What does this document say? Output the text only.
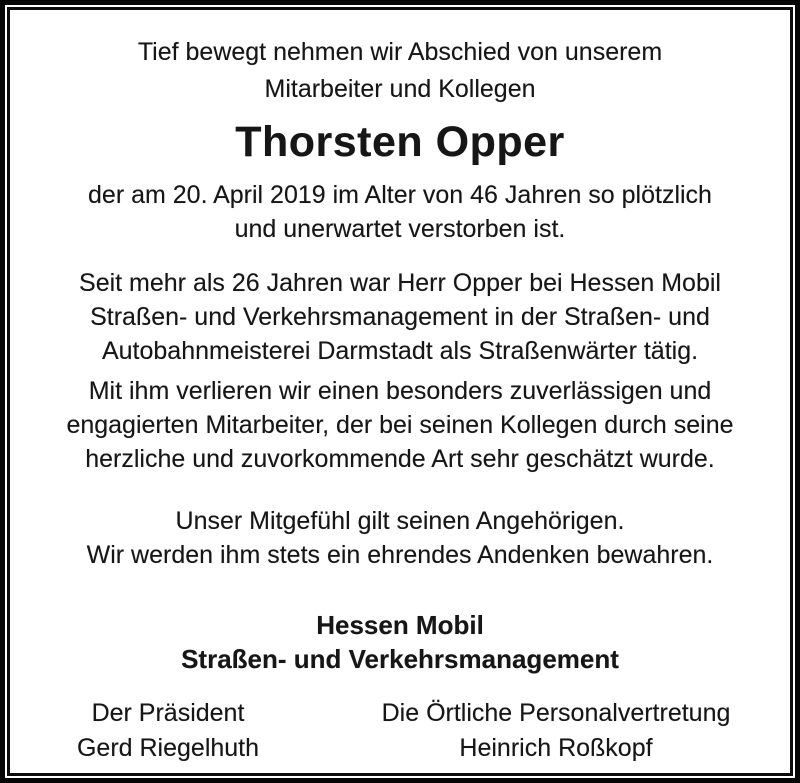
Tief bewegt nehmen wir Abschied von unserem
Mitarbeiter und Kollegen
Thorsten Opper
der am 20. April 2019 im Alter von 46 Jahren so plötzlich
und unerwartet verstorben ist.
Seit mehr als 26 Jahren war Herr Opper bei Hessen Mobil
Straßen- und Verkehrsmanagement in der Straßen- und
Autobahnmeisterei Darmstadt als Straßenwärter tätig.
Mit ihm verlieren wir einen besonders zuverlässigen und
engagierten Mitarbeiter, der bei seinen Kollegen durch seine
herzliche und zuvorkommende Art sehr geschätzt wurde.
Unser Mitgefühl gilt seinen Angehörigen.
Wir werden ihm stets ein ehrendes Andenken bewahren.
Hessen Mobil
Straßen- und Verkehrsmanagement
Der Präsident
Gerd Riegelhuth
Die Örtliche Personalvertretung
Heinrich Roßkopf
